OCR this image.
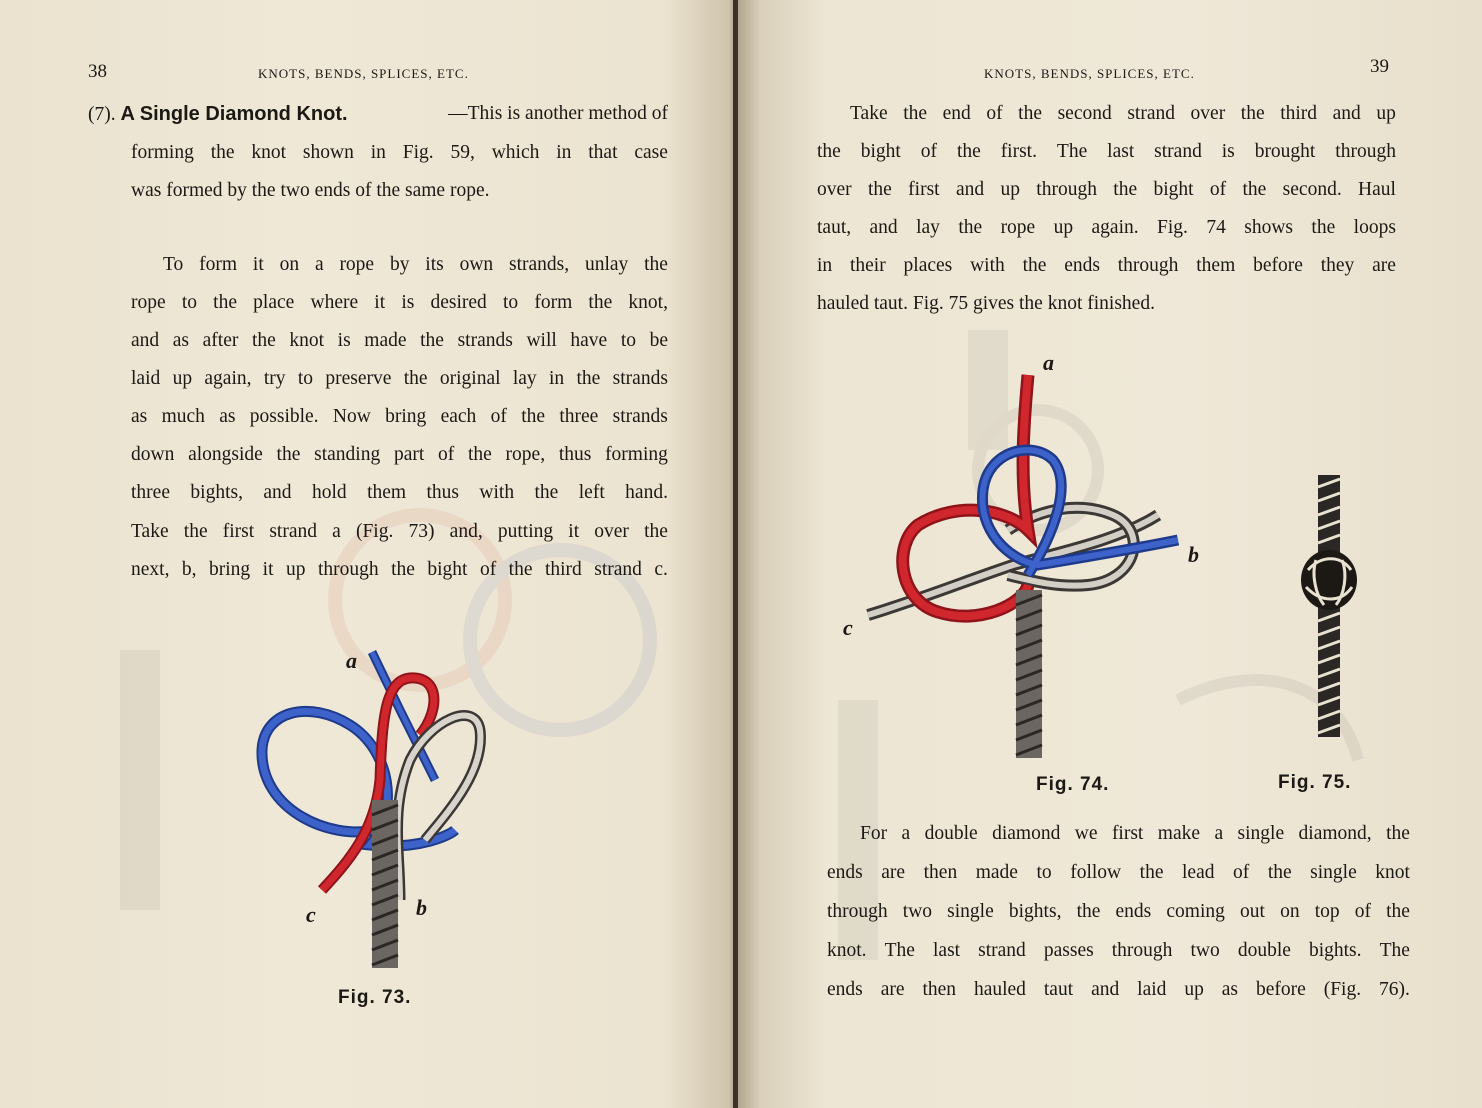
38	KNOTS, BENDS, SPLICES, ETC.
(7). A Single Diamond Knot.	—This is another method of
forming the knot shown in Fig. 59, which in that case
was formed by the two ends of the same rope.
To form it on a rope by its own strands, unlay the
rope to the place where it is desired to form the knot,
and as after the knot is made the strands will have to be
laid up again, try to preserve the original lay in the strands
as much as possible. Now bring each of the three strands
down alongside the standing part of the rope, thus forming
three bights, and hold them thus with the left hand.
Take the first strand a (Fig. 73) and, putting it over the
next, b, bring it up through the bight of the third strand c.
a
b
c
Fig. 73.
KNOTS, BENDS, SPLICES, ETC.	39
Take the end of the second strand over the third and up
the bight of the first. The last strand is brought through
over the first and up through the bight of the second. Haul
taut, and lay the rope up again. Fig. 74 shows the loops
in their places with the ends through them before they are
hauled taut. Fig. 75 gives the knot finished.
a
b
c
Fig. 74.	Fig. 75.
For a double diamond we first make a single diamond, the
ends are then made to follow the lead of the single knot
through two single bights, the ends coming out on top of the
knot. The last strand passes through two double bights. The
ends are then hauled taut and laid up as before (Fig. 76).
